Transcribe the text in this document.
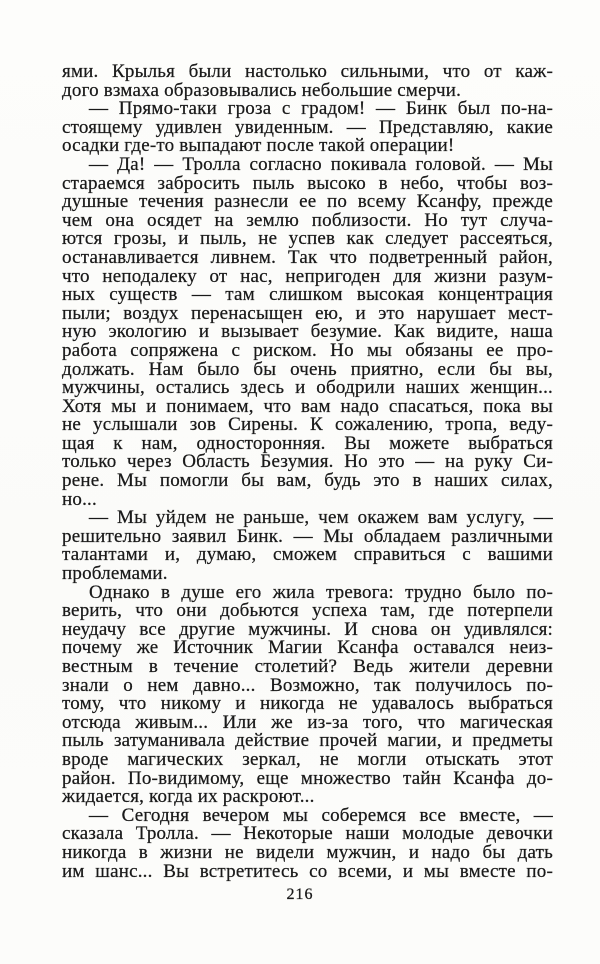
ями. Крылья были настолько сильными, что от каж-
дого взмаха образовывались небольшие смерчи.
— Прямо-таки гроза с градом! — Бинк был по-на-
стоящему удивлен увиденным. — Представляю, какие
осадки где-то выпадают после такой операции!
— Да! — Тролла согласно покивала головой. — Мы
стараемся забросить пыль высоко в небо, чтобы воз-
душные течения разнесли ее по всему Ксанфу, прежде
чем она осядет на землю поблизости. Но тут случа-
ются грозы, и пыль, не успев как следует рассеяться,
останавливается ливнем. Так что подветренный район,
что неподалеку от нас, непригоден для жизни разум-
ных существ — там слишком высокая концентрация
пыли; воздух перенасыщен ею, и это нарушает мест-
ную экологию и вызывает безумие. Как видите, наша
работа сопряжена с риском. Но мы обязаны ее про-
должать. Нам было бы очень приятно, если бы вы,
мужчины, остались здесь и ободрили наших женщин...
Хотя мы и понимаем, что вам надо спасаться, пока вы
не услышали зов Сирены. К сожалению, тропа, веду-
щая к нам, односторонняя. Вы можете выбраться
только через Область Безумия. Но это — на руку Си-
рене. Мы помогли бы вам, будь это в наших силах,
но...
— Мы уйдем не раньше, чем окажем вам услугу, —
решительно заявил Бинк. — Мы обладаем различными
талантами и, думаю, сможем справиться с вашими
проблемами.
Однако в душе его жила тревога: трудно было по-
верить, что они добьются успеха там, где потерпели
неудачу все другие мужчины. И снова он удивлялся:
почему же Источник Магии Ксанфа оставался неиз-
вестным в течение столетий? Ведь жители деревни
знали о нем давно... Возможно, так получилось по-
тому, что никому и никогда не удавалось выбраться
отсюда живым... Или же из-за того, что магическая
пыль затуманивала действие прочей магии, и предметы
вроде магических зеркал, не могли отыскать этот
район. По-видимому, еще множество тайн Ксанфа до-
жидается, когда их раскроют...
— Сегодня вечером мы соберемся все вместе, —
сказала Тролла. — Некоторые наши молодые девочки
никогда в жизни не видели мужчин, и надо бы дать
им шанс... Вы встретитесь со всеми, и мы вместе по-
216
